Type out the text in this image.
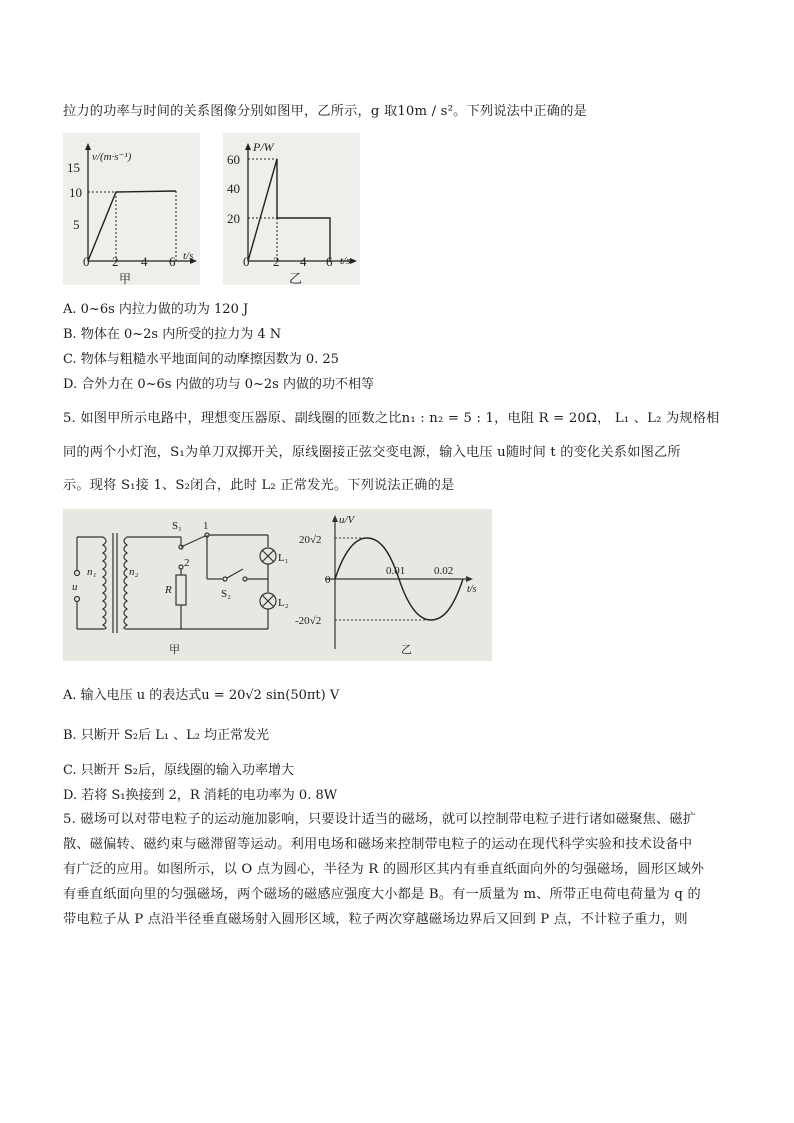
拉力的功率与时间的关系图像分别如图甲，乙所示，g 取10m / s²。下列说法中正确的是
15
10
5
0 2 4 6 t/s
v/(m·s⁻¹)
甲
60
40
20
0 2 4 6 t/s
P/W
乙
A. 0~6s 内拉力做的功为 120 J
B. 物体在 0~2s 内所受的拉力为 4 N
C. 物体与粗糙水平地面间的动摩擦因数为 0. 25
D. 合外力在 0~6s 内做的功与 0~2s 内做的功不相等
5. 如图甲所示电路中，理想变压器原、副线圈的匝数之比n₁ : n₂ = 5 : 1，电阻 R = 20Ω， L₁ 、L₂ 为规格相
同的两个小灯泡，S₁为单刀双掷开关，原线圈接正弦交变电源，输入电压 u随时间 t 的变化关系如图乙所
示。现将 S₁接 1、S₂闭合，此时 L₂ 正常发光。下列说法正确的是
u
n₁	n₂
R
S₁ 1
2
S₂
L₁
L₂
甲
u/V
20√2
-20√2
0
0.01	0.02
t/s
乙
A. 输入电压 u 的表达式u = 20√2 sin(50πt) V
B. 只断开 S₂后 L₁ 、L₂ 均正常发光
C. 只断开 S₂后，原线圈的输入功率增大
D. 若将 S₁换接到 2，R 消耗的电功率为 0. 8W
5. 磁场可以对带电粒子的运动施加影响，只要设计适当的磁场，就可以控制带电粒子进行诸如磁聚焦、磁扩
散、磁偏转、磁约束与磁滞留等运动。利用电场和磁场来控制带电粒子的运动在现代科学实验和技术设备中
有广泛的应用。如图所示，以 O 点为圆心，半径为 R 的圆形区其内有垂直纸面向外的匀强磁场，圆形区域外
有垂直纸面向里的匀强磁场，两个磁场的磁感应强度大小都是 B。有一质量为 m、所带正电荷电荷量为 q 的
带电粒子从 P 点沿半径垂直磁场射入圆形区域，粒子两次穿越磁场边界后又回到 P 点，不计粒子重力，则
